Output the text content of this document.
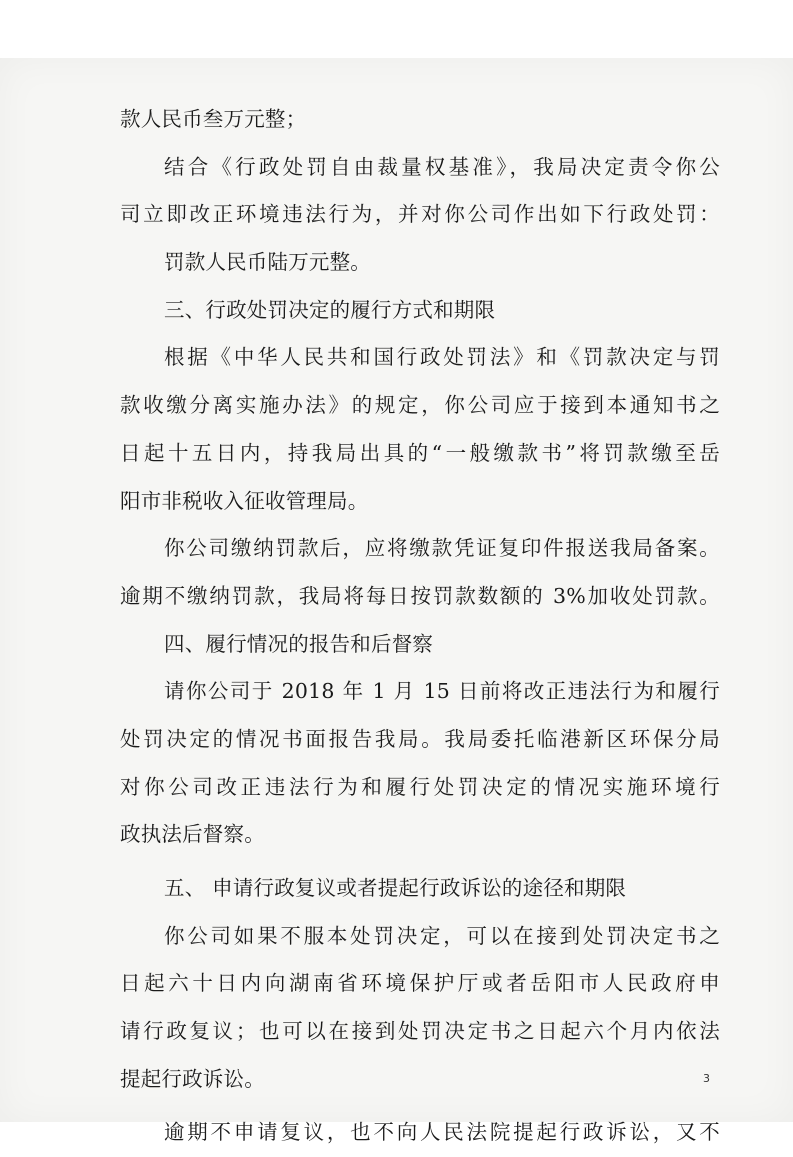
款人民币叁万元整；
结合《行政处罚自由裁量权基准》，我局决定责令你公
司立即改正环境违法行为，并对你公司作出如下行政处罚：
罚款人民币陆万元整。
三、行政处罚决定的履行方式和期限
根据《中华人民共和国行政处罚法》和《罚款决定与罚
款收缴分离实施办法》的规定，你公司应于接到本通知书之
日起十五日内，持我局出具的“一般缴款书”将罚款缴至岳
阳市非税收入征收管理局。
你公司缴纳罚款后，应将缴款凭证复印件报送我局备案。
逾期不缴纳罚款，我局将每日按罚款数额的 3%加收处罚款。
四、履行情况的报告和后督察
请你公司于 2018 年 1 月 15 日前将改正违法行为和履行
处罚决定的情况书面报告我局。我局委托临港新区环保分局
对你公司改正违法行为和履行处罚决定的情况实施环境行
政执法后督察。
五、 申请行政复议或者提起行政诉讼的途径和期限
你公司如果不服本处罚决定，可以在接到处罚决定书之
日起六十日内向湖南省环境保护厅或者岳阳市人民政府申
请行政复议；也可以在接到处罚决定书之日起六个月内依法
提起行政诉讼。
逾期不申请复议，也不向人民法院提起行政诉讼，又不
3
